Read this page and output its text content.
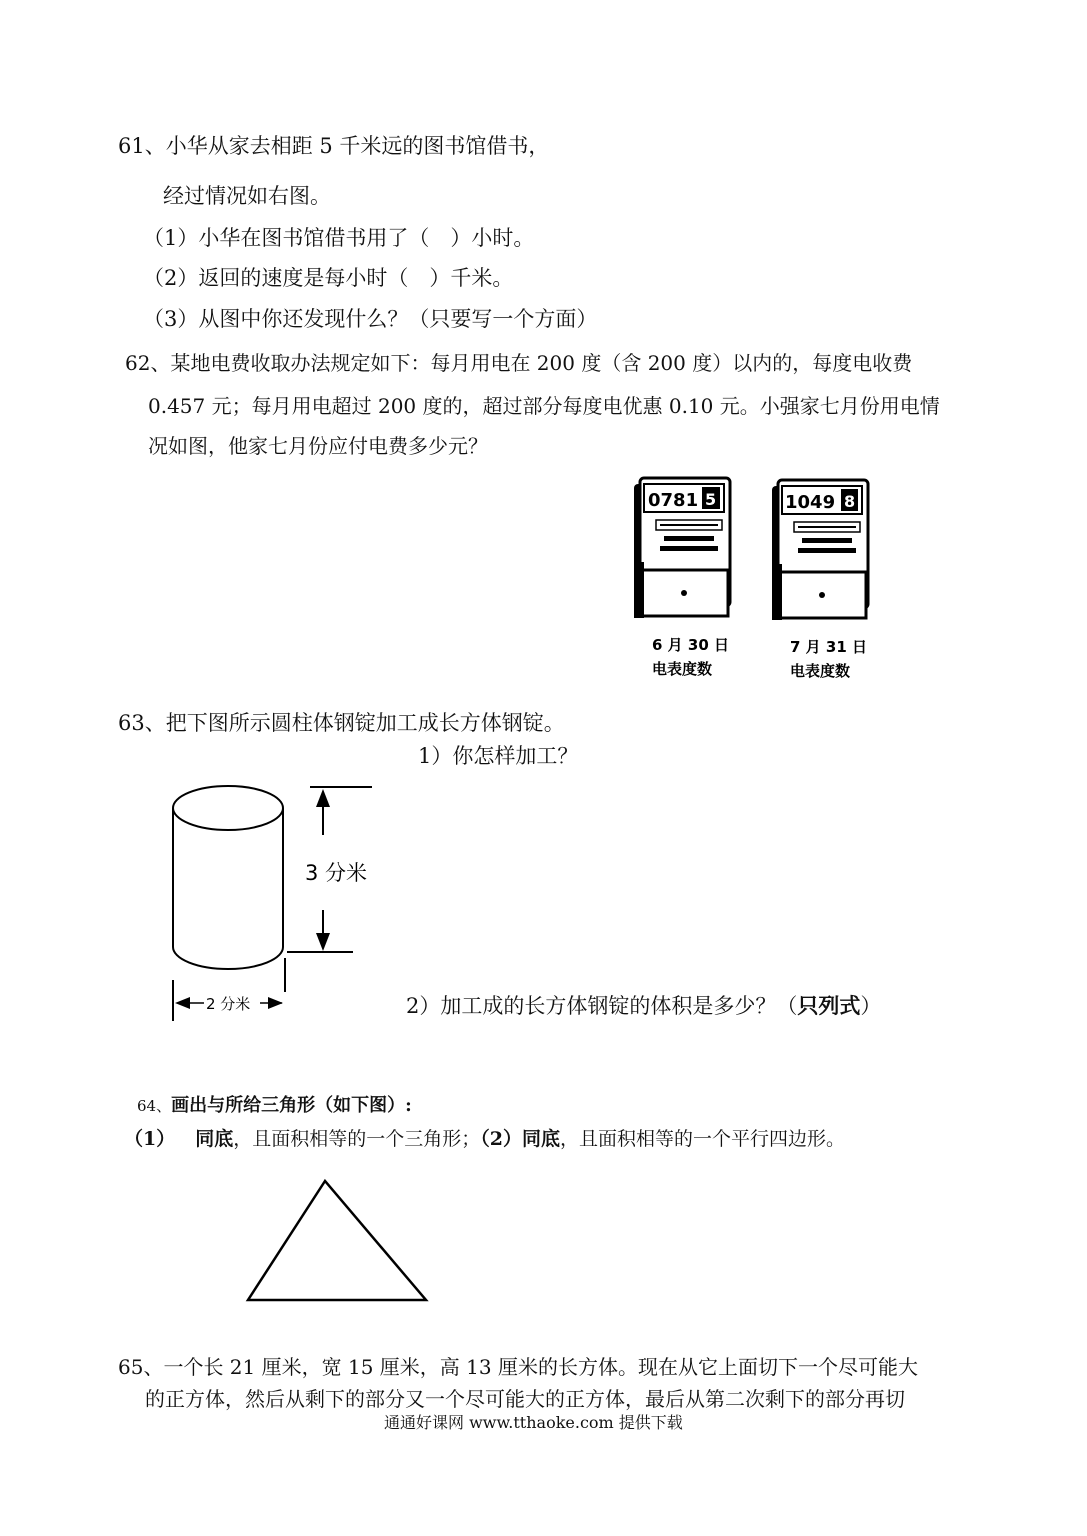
61、小华从家去相距 5 千米远的图书馆借书，
经过情况如右图。
（1）小华在图书馆借书用了（　）小时。
（2）返回的速度是每小时（　）千米。
（3）从图中你还发现什么？（只要写一个方面）
62、某地电费收取办法规定如下：每月用电在 200 度（含 200 度）以内的，每度电收费
0.457 元；每月用电超过 200 度的，超过部分每度电优惠 0.10 元。小强家七月份用电情
况如图，他家七月份应付电费多少元？
0781 5
6 月 30 日
电表度数
1049 8
7 月 31 日
电表度数
63、把下图所示圆柱体钢锭加工成长方体钢锭。
1）你怎样加工？
3 分米
2 分米	2）加工成的长方体钢锭的体积是多少？（只列式）
64、画出与所给三角形（如下图）:
（1） 同底，且面积相等的一个三角形；（2）同底，且面积相等的一个平行四边形。
65、一个长 21 厘米，宽 15 厘米，高 13 厘米的长方体。现在从它上面切下一个尽可能大
的正方体，然后从剩下的部分又一个尽可能大的正方体，最后从第二次剩下的部分再切
通通好课网 www.tthaoke.com 提供下载
